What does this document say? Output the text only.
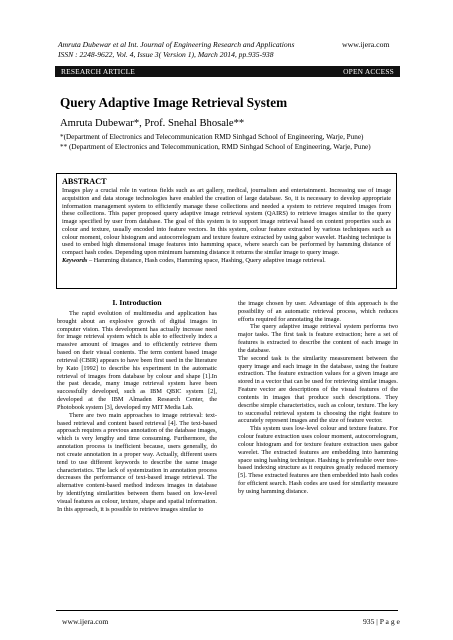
Amruta Dubewar et al Int. Journal of Engineering Research and Applications
ISSN : 2248-9622, Vol. 4, Issue 3( Version 1), March 2014, pp.935-938
www.ijera.com
RESEARCH ARTICLE	OPEN ACCESS
Query Adaptive Image Retrieval System
Amruta Dubewar*, Prof. Snehal Bhosale**
*(Department of Electronics and Telecommunication RMD Sinhgad School of Engineering, Warje, Pune)
** (Department of Electronics and Telecommunication, RMD Sinhgad School of Engineering, Warje, Pune)
ABSTRACT

Images play a crucial role in various fields such as art gallery, medical, journalism and entertainment. Increasing use of image acquisition and data storage technologies have enabled the creation of large database. So, it is necessary to develop appropriate information management system to efficiently manage these collections and needed a system to retrieve required images from these collections. This paper proposed query adaptive image retrieval system (QAIRS) to retrieve images similar to the query image specified by user from database. The goal of this system is to support image retrieval based on content properties such as colour and texture, usually encoded into feature vectors. In this system, colour feature extracted by various techniques such as colour moment, colour histogram and autocorrelogram and texture feature extracted by using gabor wavelet. Hashing technique is used to embed high dimensional image features into hamming space, where search can be performed by hamming distance of compact hash codes. Depending upon minimum hamming distance it returns the similar image to query image.

Keywords – Hamming distance, Hash codes, Hamming space, Hashing, Query adaptive image retrieval.

I. Introduction

The rapid evolution of multimedia and application has brought about an explosive growth of digital images in computer vision. This development has actually increase need for image retrieval system which is able to effectively index a massive amount of images and to efficiently retrieve them based on their visual contents. The term content based image retrieval (CBIR) appears to have been first used in the literature by Kato [1992] to describe his experiment in the automatic retrieval of images from database by colour and shape [1].In the past decade, many image retrieval system have been successfully developed, such as IBM QBIC system [2], developed at the IBM Almaden Research Center, the Photobook system [3], developed my MIT Media Lab.

There are two main approaches to image retrieval: text-based retrieval and content based retrieval [4]. The text-based approach requires a previous annotation of the database images, which is very lengthy and time consuming. Furthermore, the annotation process is inefficient because, users generally, do not create annotation in a proper way. Actually, different users tend to use different keywords to describe the same image characteristics. The lack of systemization in annotation process decreases the performance of text-based image retrieval. The alternative content-based method indexes images in database by identifying similarities between them based on low-level visual features as colour, texture, shape and spatial information. In this approach, it is possible to retrieve images similar to

the image chosen by user. Advantage of this approach is the possibility of an automatic retrieval process, which reduces efforts required for annotating the image.

The query adaptive image retrieval system performs two major tasks. The first task is feature extraction; here a set of features is extracted to describe the content of each image in the database.

The second task is the similarity measurement between the query image and each image in the database, using the feature extraction. The feature extraction values for a given image are stored in a vector that can be used for retrieving similar images. Feature vector are descriptions of the visual features of the contents in images that produce such descriptions. They describe simple characteristics, such as colour, texture. The key to successful retrieval system is choosing the right feature to accurately represent images and the size of feature vector.

This system uses low-level colour and texture feature. For colour feature extraction uses colour moment, autocorrelogram, colour histogram and for texture feature extraction uses gabor wavelet. The extracted features are embedding into hamming space using hashing technique. Hashing is preferable over tree-based indexing structure as it requires greatly reduced memory [5]. These extracted features are then embedded into hash codes for efficient search. Hash codes are used for similarity measure by using hamming distance.

www.ijera.com	935 | P a g e
